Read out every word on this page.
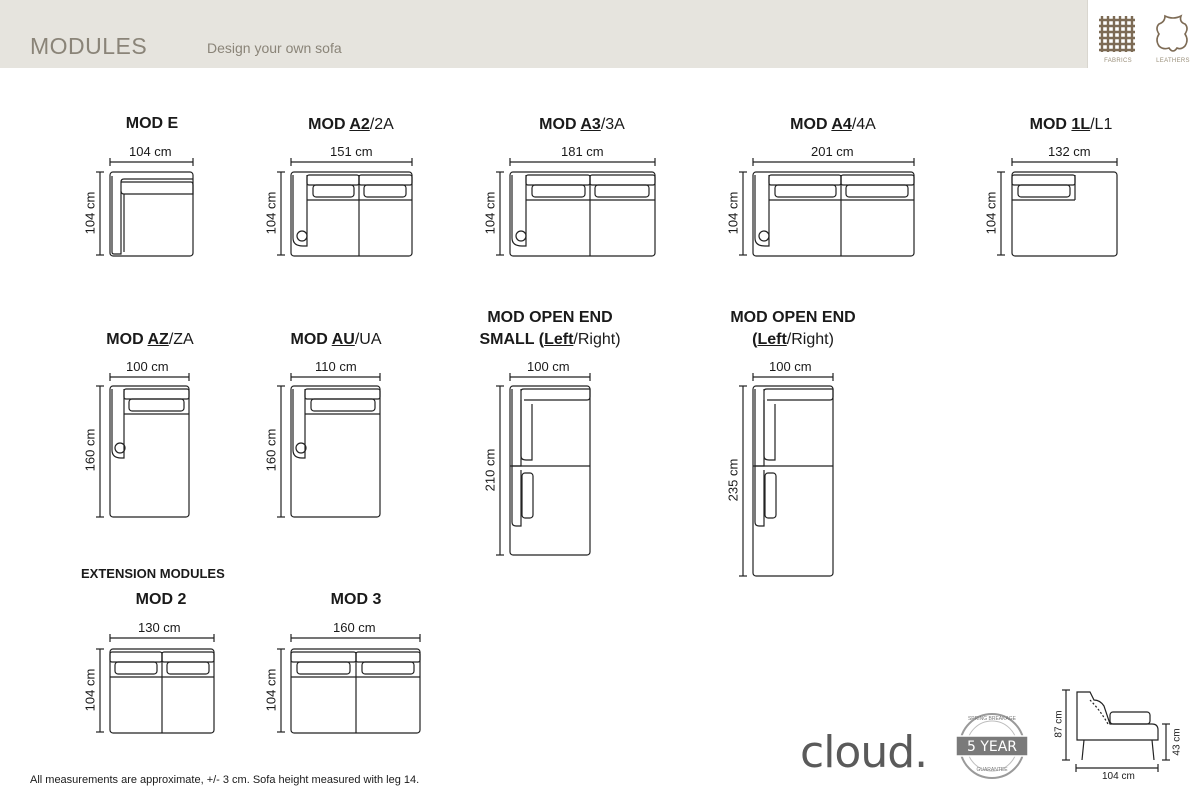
MODULES	Design your own sofa
FABRICS	LEATHERS
MOD E	MOD A2/2A	MOD A3/3A	MOD A4/4A	MOD 1L/L1
MOD AZ/ZA	MOD AU/UA
MOD OPEN END
SMALL (Left/Right)
MOD OPEN END
(Left/Right)
EXTENSION MODULES
MOD 2	MOD 3
104 cm	151 cm	181 cm	201 cm	132 cm
100 cm	110 cm	100 cm	100 cm
130 cm	160 cm
104 cm	104 cm	104 cm	104 cm	104 cm
160 cm	160 cm	210 cm	235 cm
104 cm	104 cm
87 cm
43 cm
104 cm
cloud.	5 YEAR
SPRING BREAKAGE
GUARANTEE
All measurements are approximate, +/- 3 cm. Sofa height measured with leg 14.
